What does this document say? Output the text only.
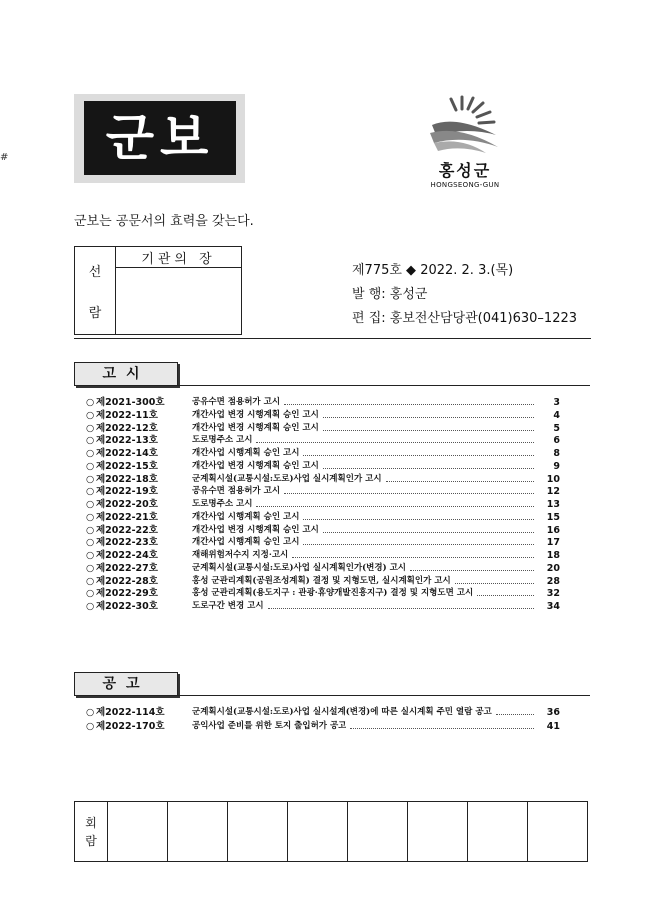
군보
#
홍성군
HONGSEONG-GUN
군보는 공문서의 효력을 갖는다.
선
람
	기관의 장

제775호 ◆ 2022. 2. 3.(목)
발 행: 홍성군
편 집: 홍보전산담당관(041)630–1223
고시
○ 제2021-300호	공유수면 점용허가 고시	3
○ 제2022-11호	개간사업 변경 시행계획 승인 고시	4
○ 제2022-12호	개간사업 변경 시행계획 승인 고시	5
○ 제2022-13호	도로명주소 고시	6
○ 제2022-14호	개간사업 시행계획 승인 고시	8
○ 제2022-15호	개간사업 변경 시행계획 승인 고시	9
○ 제2022-18호	군계획시설(교통시설:도로)사업 실시계획인가 고시	10
○ 제2022-19호	공유수면 점용허가 고시	12
○ 제2022-20호	도로명주소 고시	13
○ 제2022-21호	개간사업 시행계획 승인 고시	15
○ 제2022-22호	개간사업 변경 시행계획 승인 고시	16
○ 제2022-23호	개간사업 시행계획 승인 고시	17
○ 제2022-24호	재해위험저수지 지정·고시	18
○ 제2022-27호	군계획시설(교통시설:도로)사업 실시계획인가(변경) 고시	20
○ 제2022-28호	홍성 군관리계획(공원조성계획) 결정 및 지형도면, 실시계획인가 고시	28
○ 제2022-29호	홍성 군관리계획(용도지구 : 관광·휴양개발진흥지구) 결정 및 지형도면 고시	32
○ 제2022-30호	도로구간 변경 고시	34
공고
○ 제2022-114호	군계획시설(교통시설:도로)사업 실시설계(변경)에 따른 실시계획 주민 열람 공고	36
○ 제2022-170호	공익사업 준비를 위한 토지 출입허가 공고	41
회
람
